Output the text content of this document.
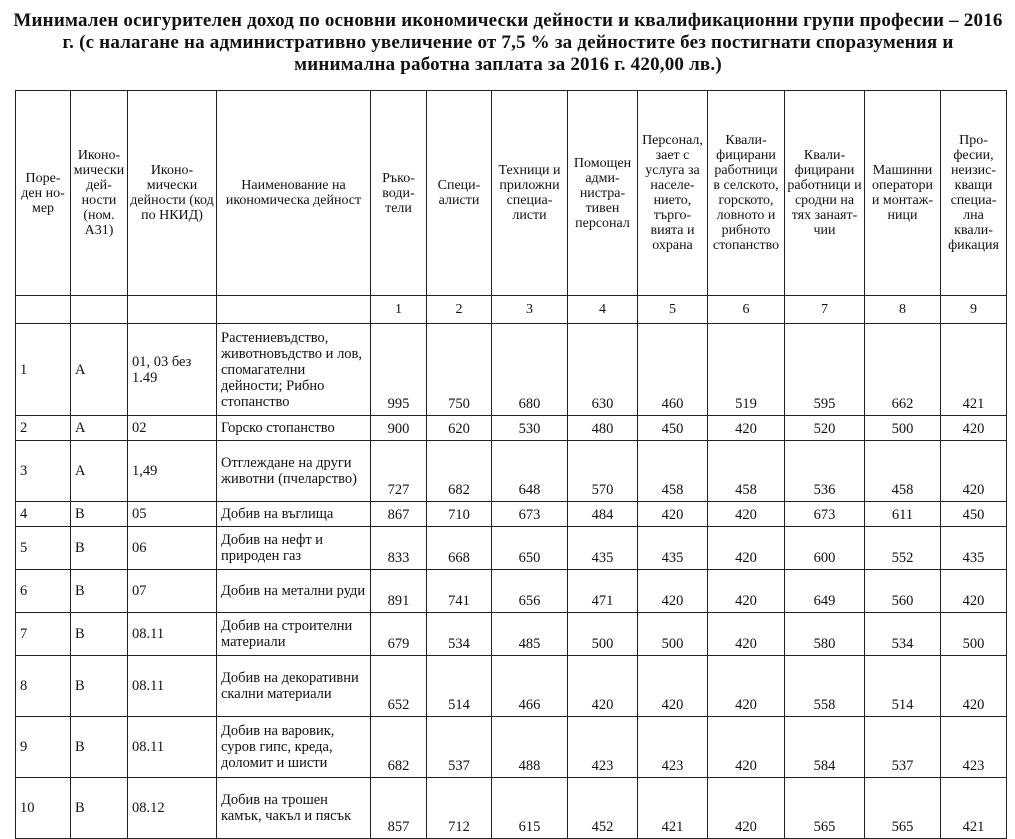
Минимален осигурителен доход по основни икономически дейности и квалификационни групи професии – 2016 г. (с налагане на административно увеличение от 7,5 % за дейностите без постигнати споразумения и минимална работна заплата за 2016 г. 420,00 лв.)
Пореден номер	Икономически дейности (ном. А31)	Икономически дейности (код по НКИД)	Наименование на икономическа дейност	Ръководители	Специалисти	Техници и приложни специалисти	Помощен административен персонал	Персонал, зает с услуга за населението, търговията и охрана	Квалифицирани работници в селското, горското, ловното и рибното стопанство	Квалифицирани работници и сродни на тях занаятчии	Машинни оператори и монтажници	Професии, неизискващи специална квалификация
				1	2	3	4	5	6	7	8	9
1	А	01, 03 без 1.49	Растениевъдство, животновъдство и лов, спомагателни дейности; Рибно стопанство	995	750	680	630	460	519	595	662	421
2	А	02	Горско стопанство	900	620	530	480	450	420	520	500	420
3	А	1,49	Отглеждане на други животни (пчеларство)	727	682	648	570	458	458	536	458	420
4	В	05	Добив на въглища	867	710	673	484	420	420	673	611	450
5	В	06	Добив на нефт и природен газ	833	668	650	435	435	420	600	552	435
6	В	07	Добив на метални руди	891	741	656	471	420	420	649	560	420
7	В	08.11	Добив на строителни материали	679	534	485	500	500	420	580	534	500
8	В	08.11	Добив на декоративни скални материали	652	514	466	420	420	420	558	514	420
9	В	08.11	Добив на варовик, суров гипс, креда, доломит и шисти	682	537	488	423	423	420	584	537	423
10	В	08.12	Добив на трошен камък, чакъл и пясък	857	712	615	452	421	420	565	565	421
